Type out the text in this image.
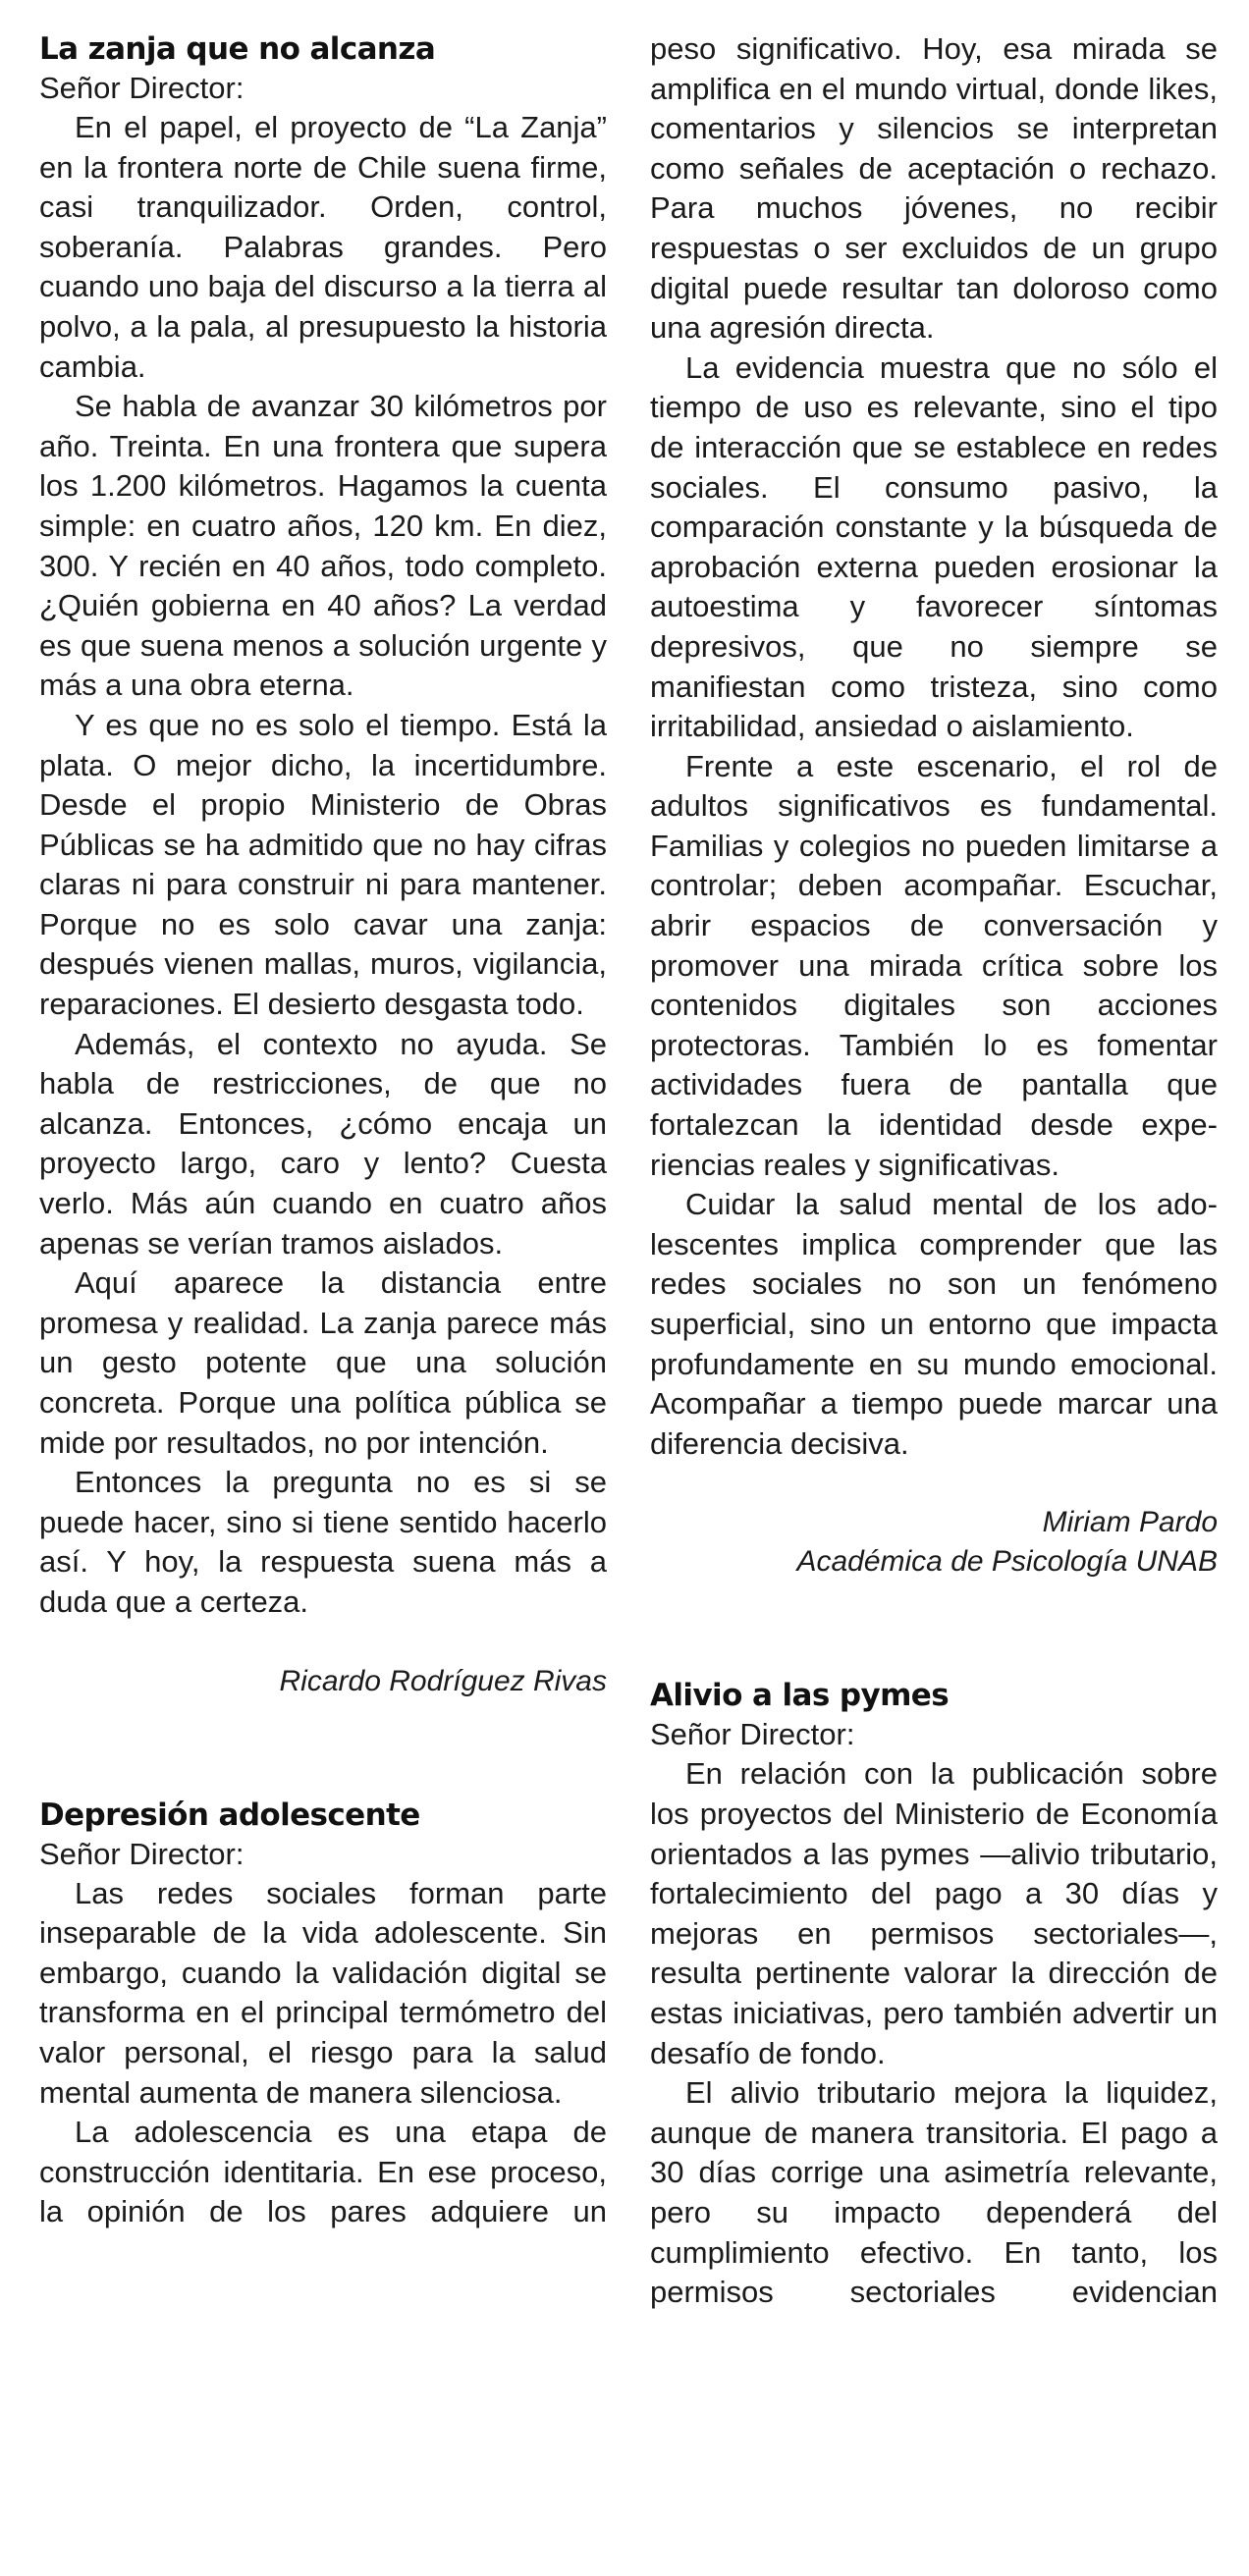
La zanja que no alcanza
Señor Director:

En el papel, el proyecto de “La Zanja” en la frontera norte de Chile suena firme, casi tranquilizador. Orden, control, soberanía. Palabras grandes. Pero cuando uno baja del discurso a la tierra al polvo, a la pala, al presupuesto la historia cambia.

Se habla de avanzar 30 kilómetros por año. Treinta. En una frontera que supera los 1.200 kilómetros. Hagamos la cuenta simple: en cuatro años, 120 km. En diez, 300. Y recién en 40 años, todo completo. ¿Quién gobierna en 40 años? La verdad es que suena menos a solución urgente y más a una obra eterna.

Y es que no es solo el tiempo. Está la plata. O mejor dicho, la incertidumbre. Desde el propio Ministerio de Obras Públicas se ha admitido que no hay cifras claras ni para construir ni para mantener. Porque no es solo cavar una zanja: después vienen mallas, muros, vigilancia, reparaciones. El desierto desgasta todo.

Además, el contexto no ayuda. Se habla de restricciones, de que no alcanza. Entonces, ¿cómo encaja un proyecto largo, caro y lento? Cuesta verlo. Más aún cuando en cuatro años apenas se verían tramos aislados.

Aquí aparece la distancia entre promesa y realidad. La zanja parece más un gesto potente que una solución concreta. Porque una política pública se mide por resultados, no por intención.

Entonces la pregunta no es si se puede hacer, sino si tiene sentido hacerlo así. Y hoy, la respuesta suena más a duda que a certeza.

Ricardo Rodríguez Rivas
Depresión adolescente
Señor Director:

Las redes sociales forman parte inseparable de la vida adolescente. Sin embargo, cuando la validación digital se transforma en el principal termómetro del valor personal, el riesgo para la salud mental aumenta de manera silenciosa.

La adolescencia es una etapa de construcción identitaria. En ese proceso, la opinión de los pares adquiere un

peso significativo. Hoy, esa mirada se amplifica en el mundo virtual, donde likes, comentarios y silencios se interpretan como señales de aceptación o rechazo. Para muchos jóvenes, no recibir respuestas o ser excluidos de un grupo digital puede resultar tan doloroso como una agresión directa.

La evidencia muestra que no sólo el tiempo de uso es relevante, sino el tipo de interacción que se establece en redes sociales. El consumo pasivo, la comparación constante y la búsqueda de aprobación externa pueden erosionar la autoestima y favorecer síntomas depresivos, que no siempre se manifiestan como tristeza, sino como irritabilidad, ansiedad o aislamiento.

Frente a este escenario, el rol de adultos significativos es fundamental. Familias y colegios no pueden limitarse a controlar; deben acompañar. Escuchar, abrir espacios de conversación y promover una mirada crítica sobre los contenidos digitales son acciones protectoras. También lo es fomentar actividades fuera de pantalla que fortalezcan la identidad desde experiencias reales y significativas.

Cuidar la salud mental de los adolescentes implica comprender que las redes sociales no son un fenómeno superficial, sino un entorno que impacta profundamente en su mundo emocional. Acompañar a tiempo puede marcar una diferencia decisiva.

Miriam Pardo
Académica de Psicología UNAB
Alivio a las pymes
Señor Director:

En relación con la publicación sobre los proyectos del Ministerio de Economía orientados a las pymes —alivio tributario, fortalecimiento del pago a 30 días y mejoras en permisos sectoriales—, resulta pertinente valorar la dirección de estas iniciativas, pero también advertir un desafío de fondo.

El alivio tributario mejora la liquidez, aunque de manera transitoria. El pago a 30 días corrige una asimetría relevante, pero su impacto dependerá del cumplimiento efectivo. En tanto, los permisos sectoriales evidencian
